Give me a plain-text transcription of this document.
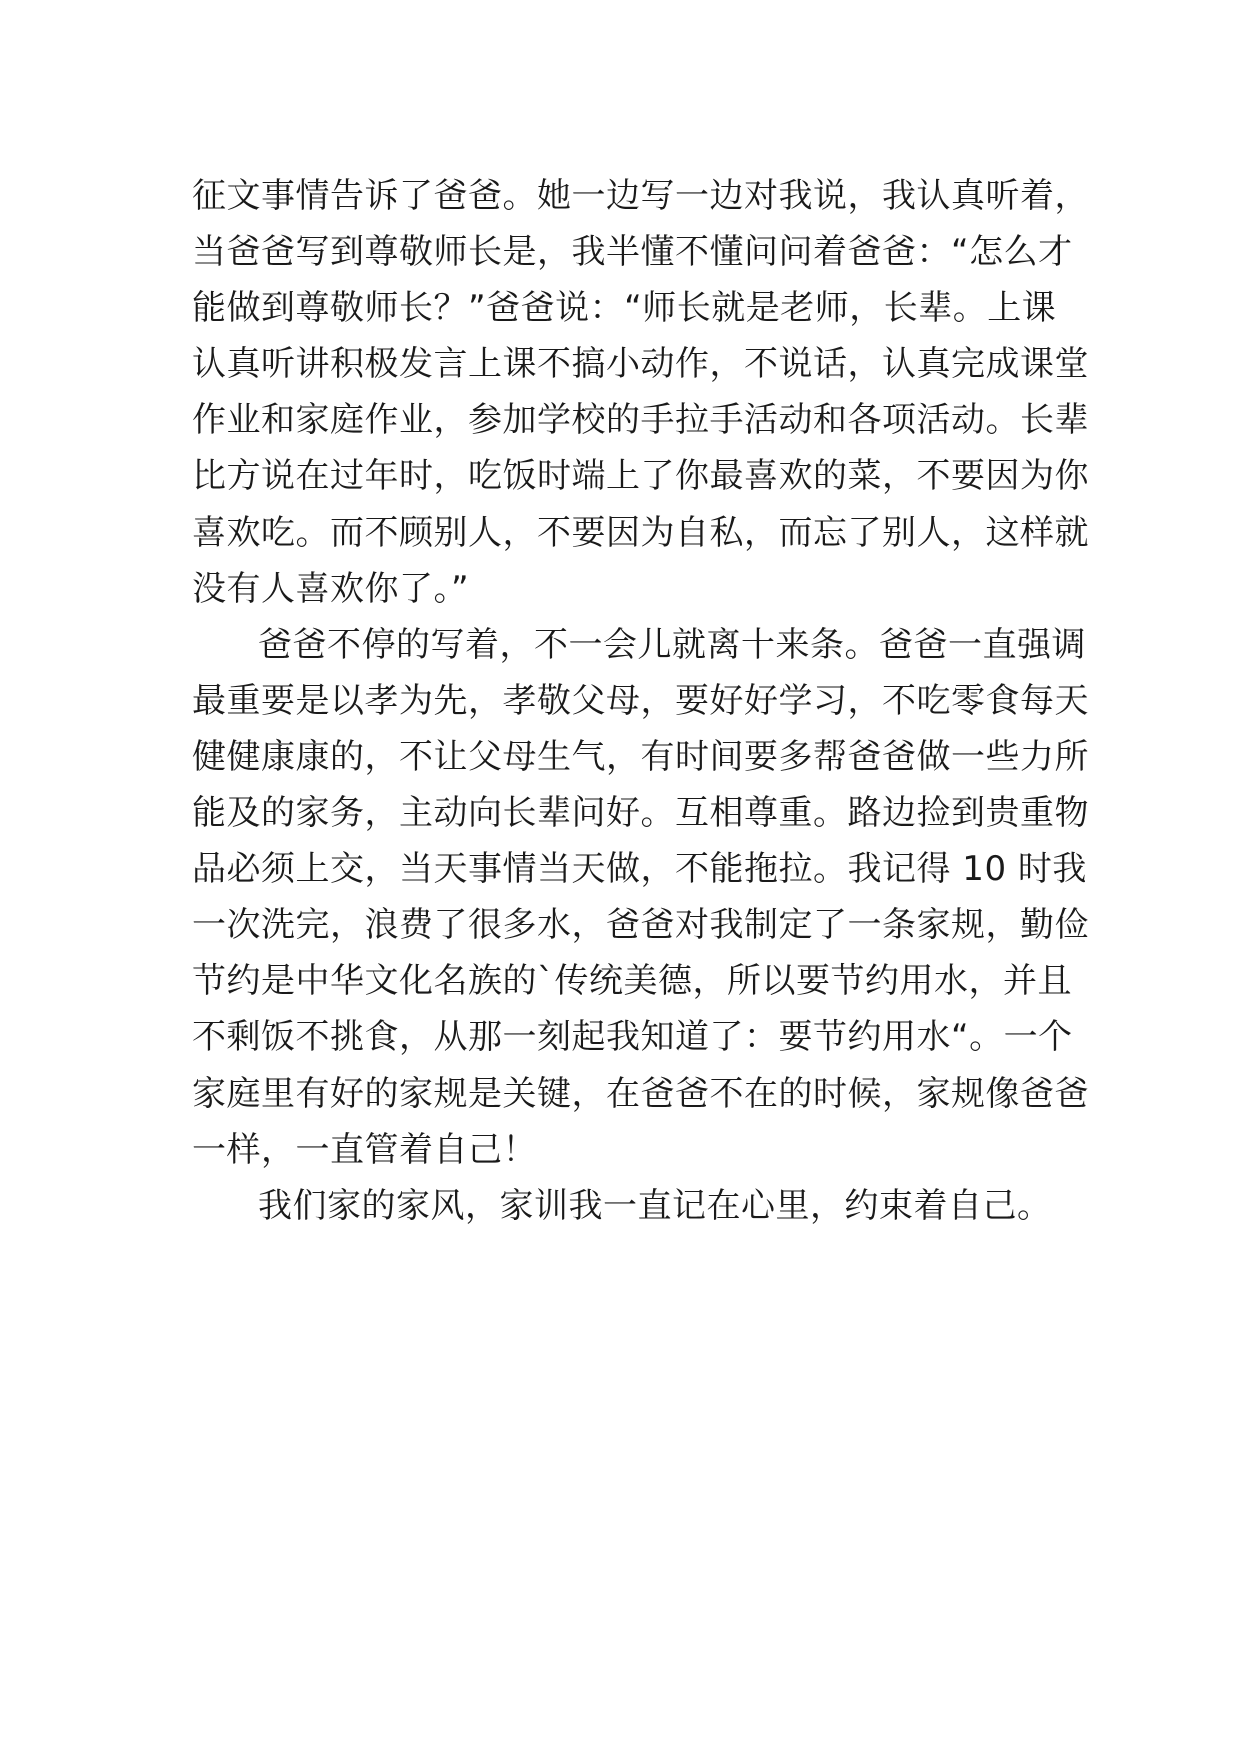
征文事情告诉了爸爸。她一边写一边对我说，我认真听着，
当爸爸写到尊敬师长是，我半懂不懂问问着爸爸：“怎么才
能做到尊敬师长？”爸爸说：“师长就是老师，长辈。上课
认真听讲积极发言上课不搞小动作，不说话，认真完成课堂
作业和家庭作业，参加学校的手拉手活动和各项活动。长辈
比方说在过年时，吃饭时端上了你最喜欢的菜，不要因为你
喜欢吃。而不顾别人，不要因为自私，而忘了别人，这样就
没有人喜欢你了。”
爸爸不停的写着，不一会儿就离十来条。爸爸一直强调
最重要是以孝为先，孝敬父母，要好好学习，不吃零食每天
健健康康的，不让父母生气，有时间要多帮爸爸做一些力所
能及的家务，主动向长辈问好。互相尊重。路边捡到贵重物
品必须上交，当天事情当天做，不能拖拉。我记得 10 时我
一次洗完，浪费了很多水，爸爸对我制定了一条家规，勤俭
节约是中华文化名族的`传统美德，所以要节约用水，并且
不剩饭不挑食，从那一刻起我知道了：要节约用水“。一个
家庭里有好的家规是关键，在爸爸不在的时候，家规像爸爸
一样，一直管着自己！
我们家的家风，家训我一直记在心里，约束着自己。
